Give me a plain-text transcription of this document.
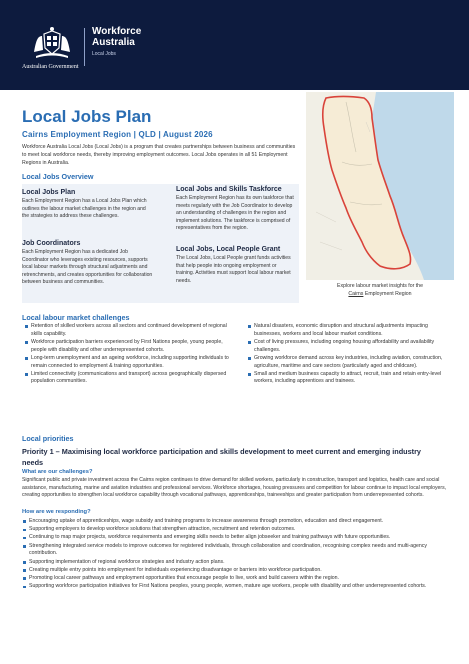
Australian Government
Workforce
Australia
Local Jobs
Local Jobs Plan
Cairns Employment Region | QLD | August 2026
Workforce Australia Local Jobs (Local Jobs) is a program that creates partnerships between business and communities to meet local workforce needs, thereby improving employment outcomes. Local Jobs operates in all 51 Employment Regions in Australia.
Explore labour market insights for the
Cairns Employment Region
Local Jobs Overview
Local Jobs Plan
Each Employment Region has a Local Jobs Plan which outlines the labour market challenges in the region and the strategies to address these challenges.
Job Coordinators
Each Employment Region has a dedicated Job Coordinator who leverages existing resources, supports local labour markets through structural adjustments and retrenchments, and creates opportunities for collaboration between business and communities.
Local Jobs and Skills Taskforce
Each Employment Region has its own taskforce that meets regularly with the Job Coordinator to develop an understanding of challenges in the region and implement solutions. The taskforce is comprised of representatives from the region.
Local Jobs, Local People Grant
The Local Jobs, Local People grant funds activities that help people into ongoing employment or training. Activities must support local labour market needs.
Local labour market challenges
Retention of skilled workers across all sectors and continued development of regional skills capability.
Workforce participation barriers experienced by First Nations people, young people, people with disability and other underrepresented cohorts.
Long-term unemployment and an ageing workforce, including supporting individuals to remain connected to employment & training opportunities.
Limited connectivity (communications and transport) across geographically dispersed population communities.
Natural disasters, economic disruption and structural adjustments impacting businesses, workers and local labour market conditions.
Cost of living pressures, including ongoing housing affordability and availability challenges.
Growing workforce demand across key industries, including aviation, construction, agriculture, maritime and care sectors (particularly aged and childcare).
Small and medium business capacity to attract, recruit, train and retain entry-level workers, including apprentices and trainees.
Local priorities
Priority 1 – Maximising local workforce participation and skills development to meet current and emerging industry needs
What are our challenges?
Significant public and private investment across the Cairns region continues to drive demand for skilled workers, particularly in construction, transport and logistics, health care and social assistance, manufacturing, marine and aviation industries and professional services. Workforce shortages, housing pressures and competition for labour continue to impact local employers, creating opportunities to strengthen local workforce capability through vocational pathways, apprenticeships, traineeships and greater participation from underrepresented cohorts.
How are we responding?
Encouraging uptake of apprenticeships, wage subsidy and training programs to increase awareness through promotion, education and direct engagement.
Supporting employers to develop workforce solutions that strengthen attraction, recruitment and retention outcomes.
Continuing to map major projects, workforce requirements and emerging skills needs to better align jobseeker and training pathways with future opportunities.
Strengthening integrated service models to improve outcomes for registered individuals, through collaboration and coordination, recognising complex needs and multi-agency contribution.
Supporting implementation of regional workforce strategies and industry action plans.
Creating multiple entry points into employment for individuals experiencing disadvantage or barriers into workforce participation.
Promoting local career pathways and employment opportunities that encourage people to live, work and build careers within the region.
Supporting workforce participation initiatives for First Nations peoples, young people, women, mature age workers, people with disability and other underrepresented cohorts.
